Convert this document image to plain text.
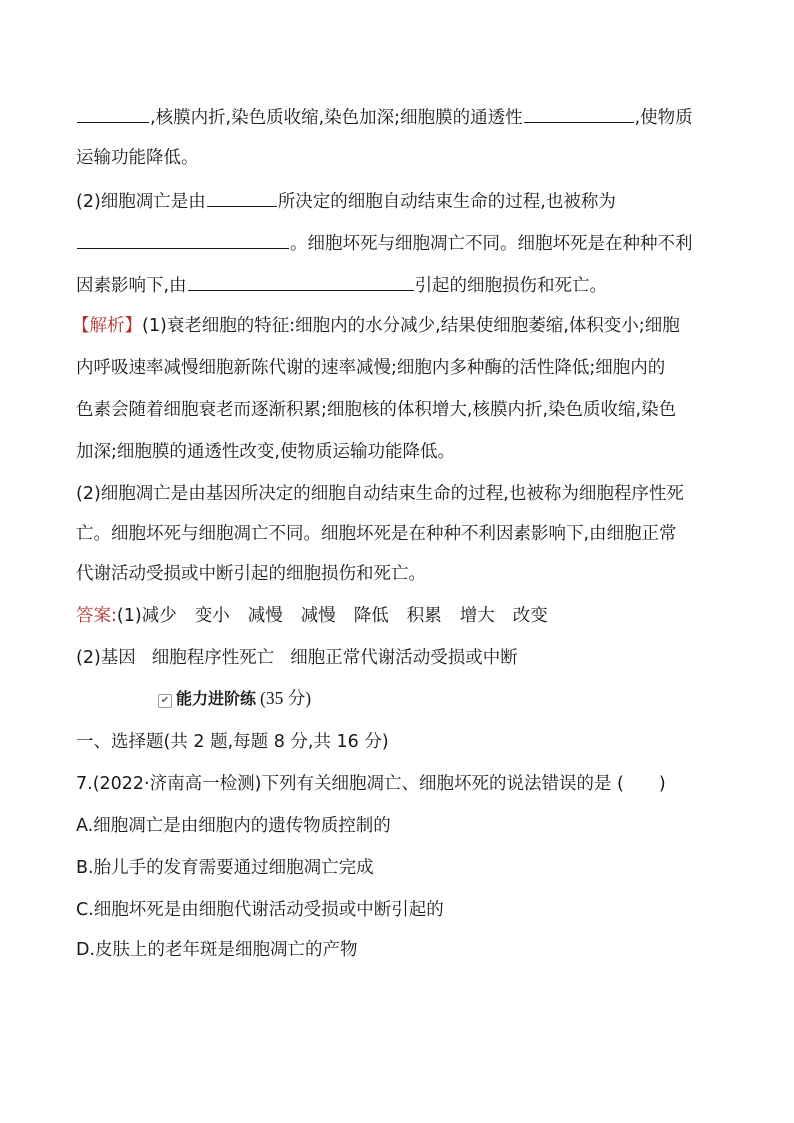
,核膜内折,染色质收缩,染色加深;细胞膜的通透性	,使物质
运输功能降低。
(2)细胞凋亡是由	所决定的细胞自动结束生命的过程,也被称为
。细胞坏死与细胞凋亡不同。细胞坏死是在种种不利
因素影响下,由	引起的细胞损伤和死亡。
【解析】(1)衰老细胞的特征:细胞内的水分减少,结果使细胞萎缩,体积变小;细胞
内呼吸速率减慢细胞新陈代谢的速率减慢;细胞内多种酶的活性降低;细胞内的
色素会随着细胞衰老而逐渐积累;细胞核的体积增大,核膜内折,染色质收缩,染色
加深;细胞膜的通透性改变,使物质运输功能降低。
(2)细胞凋亡是由基因所决定的细胞自动结束生命的过程,也被称为细胞程序性死
亡。细胞坏死与细胞凋亡不同。细胞坏死是在种种不利因素影响下,由细胞正常
代谢活动受损或中断引起的细胞损伤和死亡。
答案:(1)减少 变小 减慢 减慢 降低 积累 增大 改变
(2)基因 细胞程序性死亡 细胞正常代谢活动受损或中断
✔ 能力进阶练 (35 分)
一、选择题(共 2 题,每题 8 分,共 16 分)
7.(2022·济南高一检测)下列有关细胞凋亡、细胞坏死的说法错误的是 (　　)
A.细胞凋亡是由细胞内的遗传物质控制的
B.胎儿手的发育需要通过细胞凋亡完成
C.细胞坏死是由细胞代谢活动受损或中断引起的
D.皮肤上的老年斑是细胞凋亡的产物
